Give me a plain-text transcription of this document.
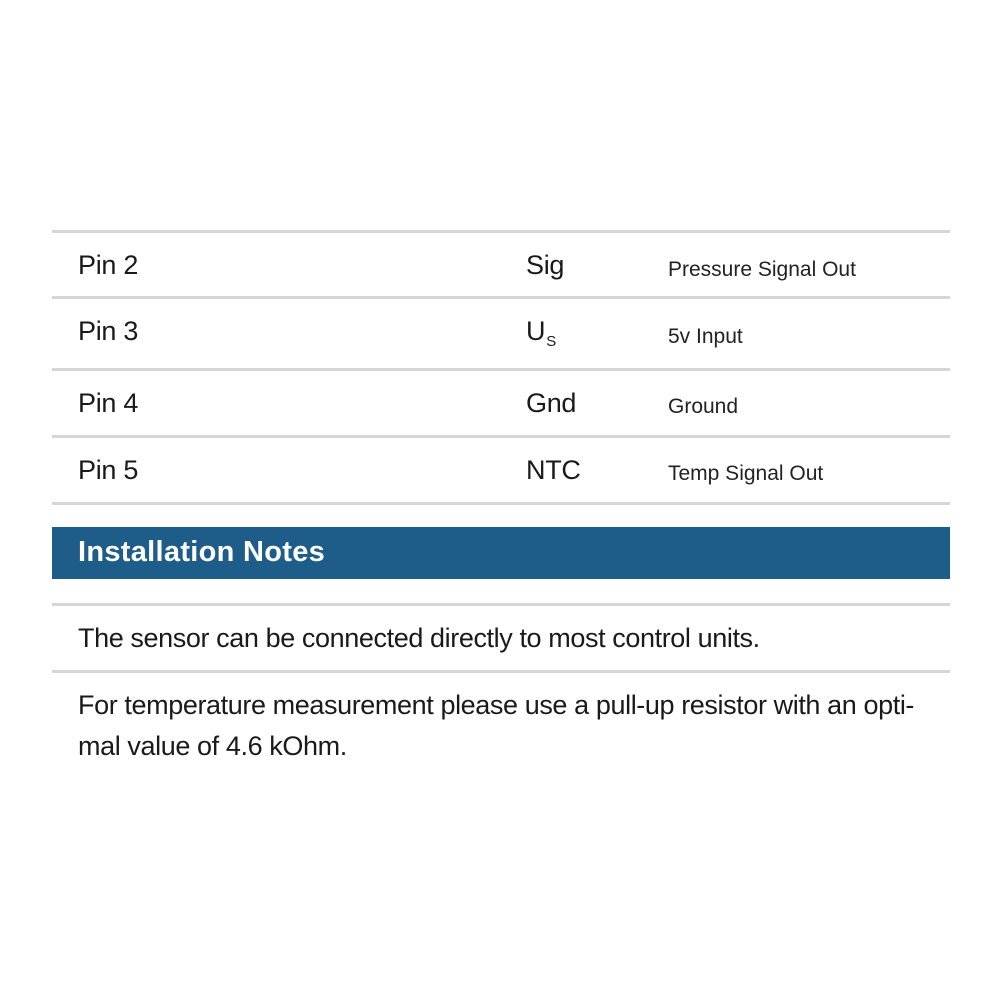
Pin 2	Sig	Pressure Signal Out
Pin 3	$U_S$	5v Input
Pin 4	Gnd	Ground
Pin 5	NTC	Temp Signal Out
Installation Notes
The sensor can be connected directly to most control units.
For temperature measurement please use a pull-up resistor with an opti-mal value of 4.6 kOhm.
